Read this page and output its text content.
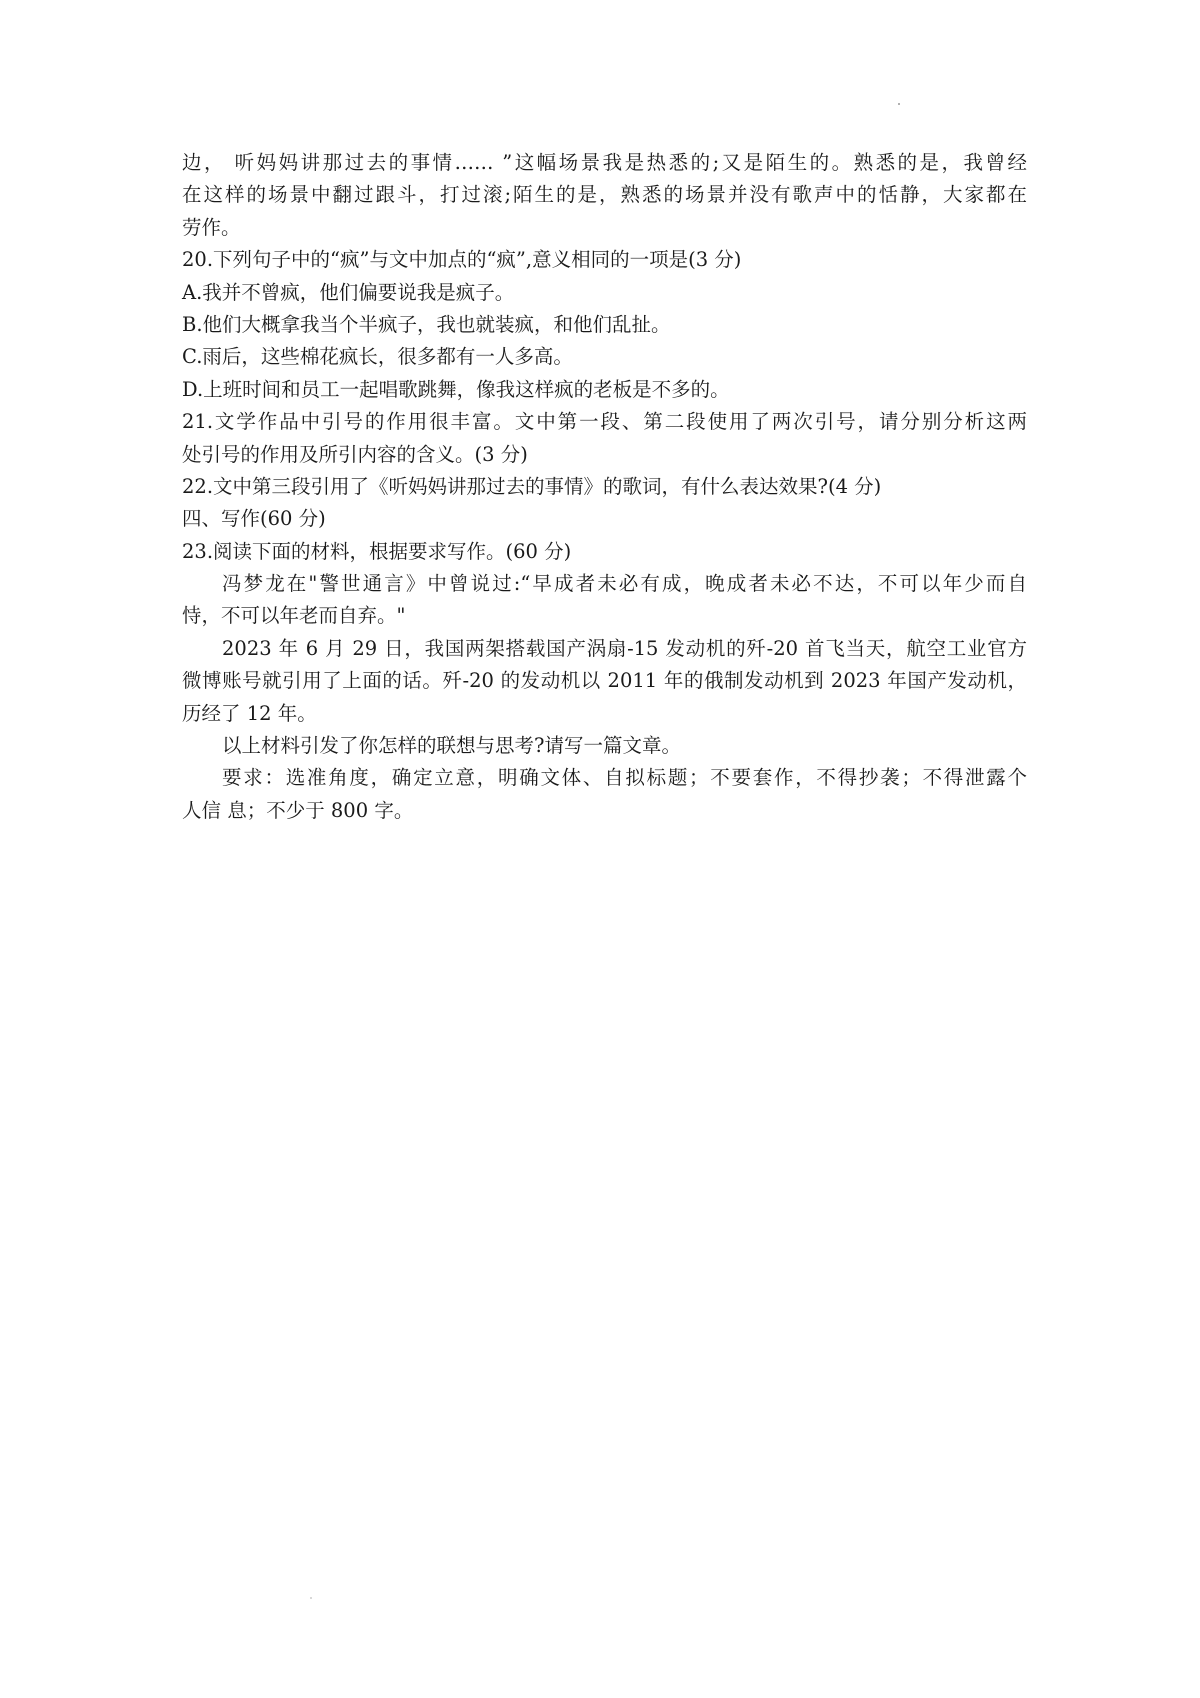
边， 听妈妈讲那过去的事情…… ”这幅场景我是热悉的;又是陌生的。熟悉的是，我曾经
在这样的场景中翻过跟斗，打过滚;陌生的是，熟悉的场景并没有歌声中的恬静，大家都在
劳作。
20.下列句子中的“疯”与文中加点的“疯”,意义相同的一项是(3 分)
A.我并不曾疯，他们偏要说我是疯子。
B.他们大概拿我当个半疯子，我也就装疯，和他们乱扯。
C.雨后，这些棉花疯长，很多都有一人多高。
D.上班时间和员工一起唱歌跳舞，像我这样疯的老板是不多的。
21.文学作品中引号的作用很丰富。文中第一段、第二段使用了两次引号，请分别分析这两
处引号的作用及所引内容的含义。(3 分)
22.文中第三段引用了《听妈妈讲那过去的事情》的歌词，有什么表达效果?(4 分)
四、写作(60 分)
23.阅读下面的材料，根据要求写作。(60 分)
冯梦龙在"警世通言》中曾说过:“早成者未必有成，晚成者未必不达，不可以年少而自
恃，不可以年老而自弃。"
2023 年 6 月 29 日，我国两架搭载国产涡扇-15 发动机的歼-20 首飞当天，航空工业官方
微博账号就引用了上面的话。歼-20 的发动机以 2011 年的俄制发动机到 2023 年国产发动机，
历经了 12 年。
以上材料引发了你怎样的联想与思考?请写一篇文章。
要求：选准角度，确定立意，明确文体、自拟标题；不要套作，不得抄袭；不得泄露个
人信 息；不少于 800 字。
